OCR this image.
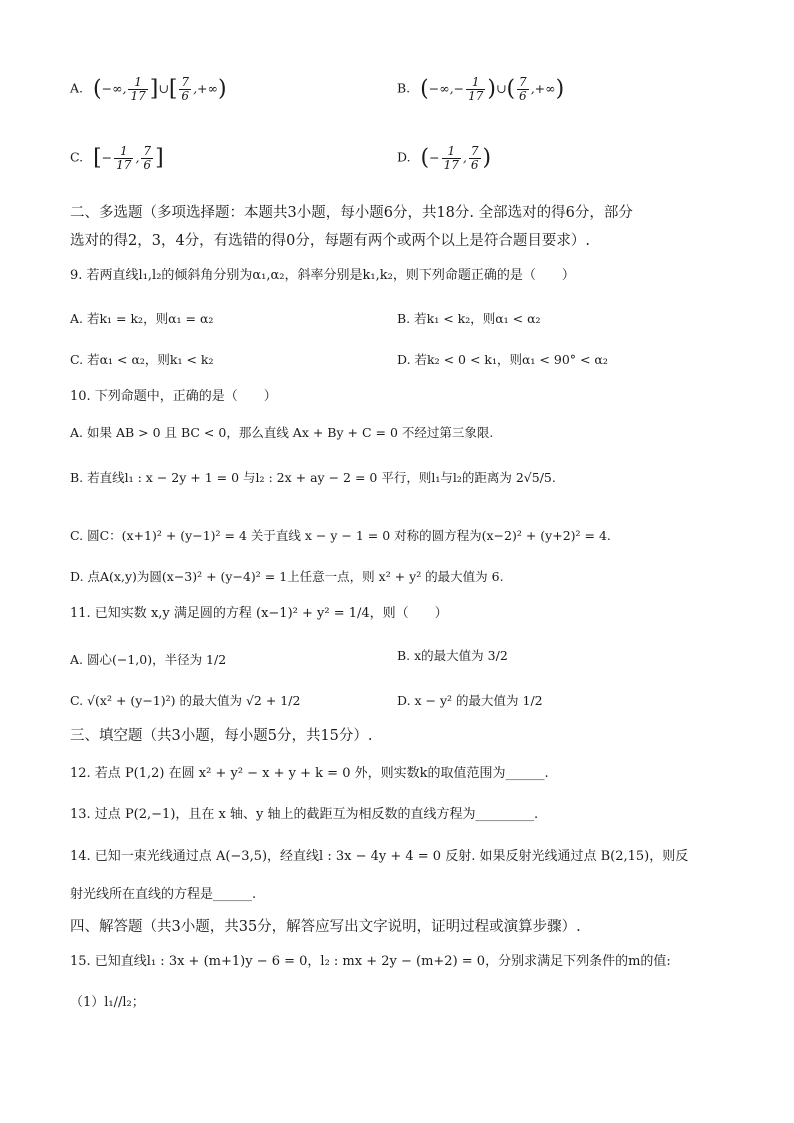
A. (−∞, $\frac{1}{17}$ ]∪[ $\frac{7}{6}$ ,+∞)	B. (−∞,− $\frac{1}{17}$ )∪( $\frac{7}{6}$ ,+∞)
C. [− $\frac{1}{17}$ , $\frac{7}{6}$ ]	D. (− $\frac{1}{17}$ , $\frac{7}{6}$ )
二、多选题（多项选择题：本题共3小题，每小题6分，共18分. 全部选对的得6分，部分
选对的得2，3，4分，有选错的得0分，每题有两个或两个以上是符合题目要求）.
9. 若两直线l₁,l₂的倾斜角分别为α₁,α₂，斜率分别是k₁,k₂，则下列命题正确的是（　　）
A. 若k₁ = k₂，则α₁ = α₂	B. 若k₁ < k₂，则α₁ < α₂
C. 若α₁ < α₂，则k₁ < k₂	D. 若k₂ < 0 < k₁，则α₁ < 90° < α₂
10. 下列命题中，正确的是（　　）
A. 如果 AB > 0 且 BC < 0，那么直线 Ax + By + C = 0 不经过第三象限.
B. 若直线l₁ : x − 2y + 1 = 0 与l₂ : 2x + ay − 2 = 0 平行，则l₁与l₂的距离为 2√5/5.
C. 圆C：(x+1)² + (y−1)² = 4 关于直线 x − y − 1 = 0 对称的圆方程为(x−2)² + (y+2)² = 4.
D. 点A(x,y)为圆(x−3)² + (y−4)² = 1上任意一点，则 x² + y² 的最大值为 6.
11. 已知实数 x,y 满足圆的方程 (x−1)² + y² = 1/4，则（　　）
A. 圆心(−1,0)，半径为 1/2	B. x的最大值为 3/2
C. √(x² + (y−1)²) 的最大值为 √2 + 1/2	D. x − y² 的最大值为 1/2
三、填空题（共3小题，每小题5分，共15分）.
12. 若点 P(1,2) 在圆 x² + y² − x + y + k = 0 外，则实数k的取值范围为______.
13. 过点 P(2,−1)，且在 x 轴、y 轴上的截距互为相反数的直线方程为_________.
14. 已知一束光线通过点 A(−3,5)，经直线l : 3x − 4y + 4 = 0 反射. 如果反射光线通过点 B(2,15)，则反
射光线所在直线的方程是______.
四、解答题（共3小题，共35分，解答应写出文字说明，证明过程或演算步骤）.
15. 已知直线l₁ : 3x + (m+1)y − 6 = 0，l₂ : mx + 2y − (m+2) = 0，分别求满足下列条件的m的值:
（1）l₁//l₂；
